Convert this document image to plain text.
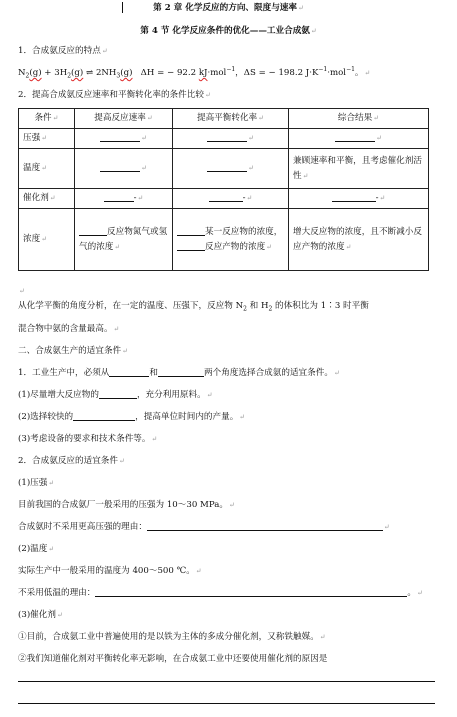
第 2 章 化学反应的方向、限度与速率↵
第 4 节 化学反应条件的优化——工业合成氨↵
1．合成氨反应的特点↵
$N_2(g) + 3H_2(g)$ ⇌ $2NH_3(g) \Delta H$ = − 92.2 kJ·mol$^{-1}$，ΔS = − 198.2 $J\cdot K^{-1}\cdot mol^{-1}$。↵
2．提高合成氨反应速率和平衡转化率的条件比较↵
条件↵	提高反应速率↵	提高平衡转化率↵	综合结果↵
压强↵	↵	↵	↵
温度↵	↵	↵	兼顾速率和平衡，且考虑催化剂活性↵
催化剂↵	-↵	-↵	-↵
浓度↵	反应物氮气或氢气的浓度↵	某一反应物的浓度，反应产物的浓度↵	增大反应物的浓度，且不断减小反应产物的浓度↵
↵
从化学平衡的角度分析，在一定的温度、压强下，反应物 $N_2$ 和 $H_2$ 的体积比为 1∶3 时平衡
混合物中氨的含量最高。↵
二、合成氨生产的适宜条件↵
1．工业生产中，必须从	和	两个角度选择合成氨的适宜条件。↵
(1)尽量增大反应物的	，充分利用原料。↵
(2)选择较快的	，提高单位时间内的产量。↵
(3)考虑设备的要求和技术条件等。↵
2．合成氨反应的适宜条件↵
(1)压强↵
目前我国的合成氨厂一般采用的压强为 10～30 MPa。↵
合成氨时不采用更高压强的理由：	↵
(2)温度↵
实际生产中一般采用的温度为 400～500 ℃。↵
不采用低温的理由：	。↵
(3)催化剂↵
①目前，合成氨工业中普遍使用的是以铁为主体的多成分催化剂，又称铁触媒。↵
②我们知道催化剂对平衡转化率无影响，在合成氨工业中还要使用催化剂的原因是
